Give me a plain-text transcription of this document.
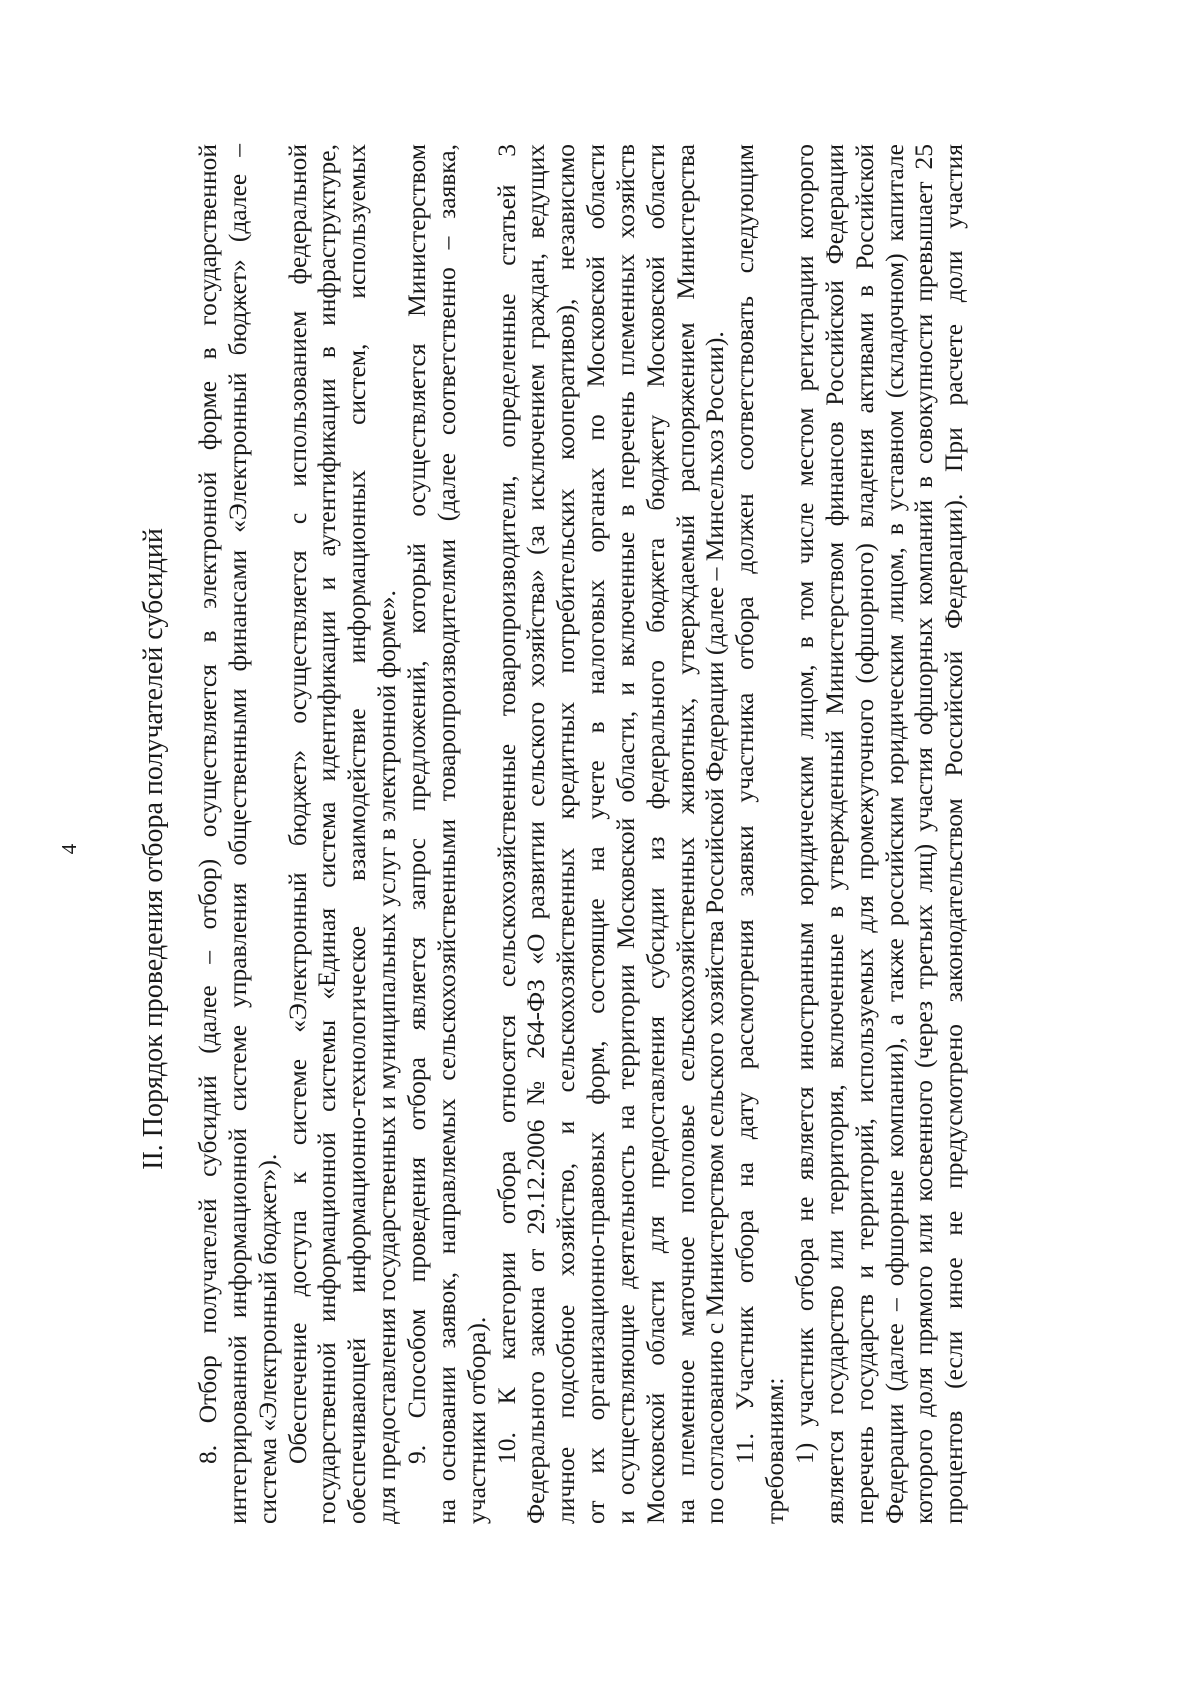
4 II. Порядок проведения отбора получателей субсидий 8. Отбор получателей субсидий (далее – отбор) осуществляется в электронной форме в государственной интегрированной информационной системе управления общественными финансами «Электронный бюджет» (далее – система «Электронный бюджет»). Обеспечение доступа к системе «Электронный бюджет» осуществляется с использованием федеральной государственной информационной системы «Единая система идентификации и аутентификации в инфраструктуре, обеспечивающей информационно-технологическое взаимодействие информационных систем, используемых для предоставления государственных и муниципальных услуг в электронной форме». 9. Способом проведения отбора является запрос предложений, который осуществляется Министерством на основании заявок, направляемых сельскохозяйственными товаропроизводителями (далее соответственно – заявка, участники отбора). 10. К категории отбора относятся сельскохозяйственные товаропроизводители, определенные статьей 3 Федерального закона от 29.12.2006 № 264-ФЗ «О развитии сельского хозяйства» (за исключением граждан, ведущих личное подсобное хозяйство, и сельскохозяйственных кредитных потребительских кооперативов), независимо от их организационно-правовых форм, состоящие на учете в налоговых органах по Московской области и осуществляющие деятельность на территории Московской области, и включенные в перечень племенных хозяйств Московской области для предоставления субсидии из федерального бюджета бюджету Московской области на племенное маточное поголовье сельскохозяйственных животных, утверждаемый распоряжением Министерства по согласованию с Министерством сельского хозяйства Российской Федерации (далее – Минсельхоз России). 11. Участник отбора на дату рассмотрения заявки участника отбора должен соответствовать следующим требованиям: 1) участник отбора не является иностранным юридическим лицом, в том числе местом регистрации которого является государство или территория, включенные в утвержденный Министерством финансов Российской Федерации перечень государств и территорий, используемых для промежуточного (офшорного) владения активами в Российской Федерации (далее – офшорные компании), а также российским юридическим лицом, в уставном (складочном) капитале которого доля прямого или косвенного (через третьих лиц) участия офшорных компаний в совокупности превышает 25 процентов (если иное не предусмотрено законодательством Российской Федерации). При расчете доли участия
